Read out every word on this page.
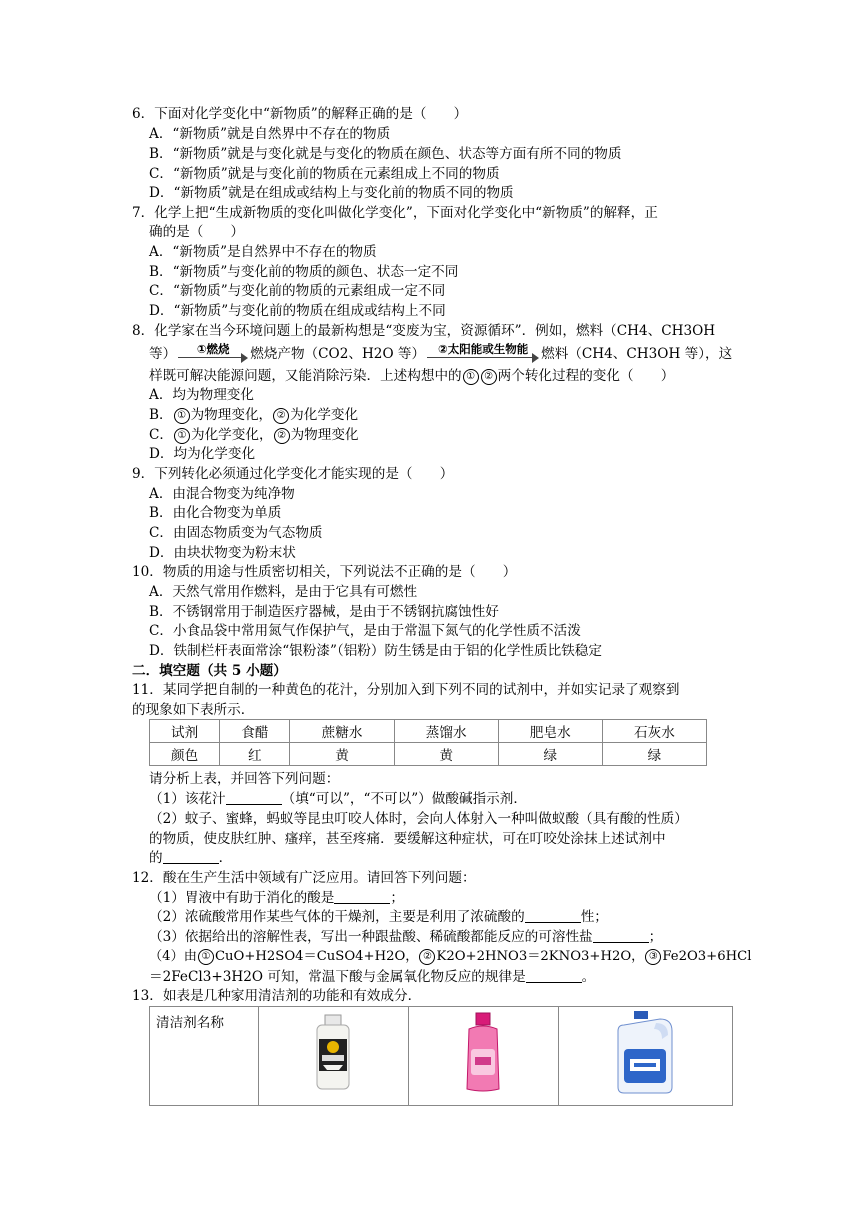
6．下面对化学变化中“新物质”的解释正确的是（　　）
A．“新物质”就是自然界中不存在的物质
B．“新物质”就是与变化就是与变化的物质在颜色、状态等方面有所不同的物质
C．“新物质”就是与变化前的物质在元素组成上不同的物质
D．“新物质”就是在组成或结构上与变化前的物质不同的物质
7．化学上把“生成新物质的变化叫做化学变化”，下面对化学变化中“新物质”的解释，正
确的是（　　）
A．“新物质”是自然界中不存在的物质
B．“新物质”与变化前的物质的颜色、状态一定不同
C．“新物质”与变化前的物质的元素组成一定不同
D．“新物质”与变化前的物质在组成或结构上不同
8．化学家在当今环境问题上的最新构想是“变废为宝，资源循环”．例如，燃料（CH4、CH3OH
等）	①燃烧	燃烧产物（CO2、H2O 等）	②太阳能或生物能 燃料（CH4、CH3OH 等），这
样既可解决能源问题，又能消除污染．上述构想中的 ① ② 两个转化过程的变化（　　）
A．均为物理变化
B． ① 为物理变化， ② 为化学变化
C． ① 为化学变化， ② 为物理变化
D．均为化学变化
9．下列转化必须通过化学变化才能实现的是（　　）
A．由混合物变为纯净物
B．由化合物变为单质
C．由固态物质变为气态物质
D．由块状物变为粉末状
10．物质的用途与性质密切相关，下列说法不正确的是（　　）
A．天然气常用作燃料，是由于它具有可燃性
B．不锈钢常用于制造医疗器械，是由于不锈钢抗腐蚀性好
C．小食品袋中常用氮气作保护气，是由于常温下氮气的化学性质不活泼
D．铁制栏杆表面常涂“银粉漆”（铝粉）防生锈是由于铝的化学性质比铁稳定
二．填空题（共 5 小题）
11．某同学把自制的一种黄色的花汁，分别加入到下列不同的试剂中，并如实记录了观察到
的现象如下表所示．
试剂	食醋	蔗糖水	蒸馏水	肥皂水	石灰水
颜色	红	黄	黄	绿	绿
请分析上表，并回答下列问题：
（1）该花汁	（填“可以”，“不可以”）做酸碱指示剂．
（2）蚊子、蜜蜂，蚂蚁等昆虫叮咬人体时，会向人体射入一种叫做蚁酸（具有酸的性质）
的物质，使皮肤红肿、瘙痒，甚至疼痛．要缓解这种症状，可在叮咬处涂抹上述试剂中
的	．
12．酸在生产生活中领域有广泛应用。请回答下列问题：
（1）胃液中有助于消化的酸是	；
（2）浓硫酸常用作某些气体的干燥剂，主要是利用了浓硫酸的	性；
（3）依据给出的溶解性表，写出一种跟盐酸、稀硫酸都能反应的可溶性盐	；
（4）由 ① CuO+H2SO4＝CuSO4+H2O， ② K2O+2HNO3＝2KNO3+H2O， ③ Fe2O3+6HCl
＝2FeCl3+3H2O 可知，常温下酸与金属氧化物反应的规律是	。
13．如表是几种家用清洁剂的功能和有效成分．
清洁剂名称	
